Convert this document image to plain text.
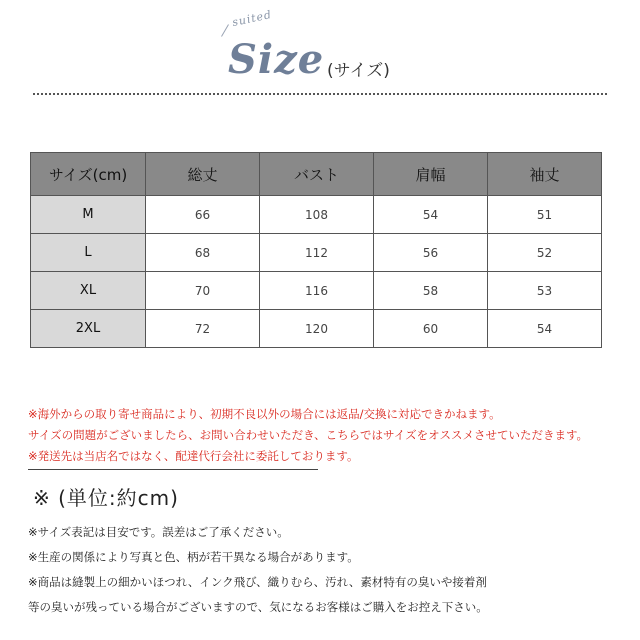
suited
Size (サイズ)
サイズ(cm)	総丈	バスト	肩幅	袖丈
M	66	108	54	51
L	68	112	56	52
XL	70	116	58	53
2XL	72	120	60	54
※海外からの取り寄せ商品により、初期不良以外の場合には返品/交換に対応できかねます。
サイズの問題がございましたら、お問い合わせいただき、こちらではサイズをオススメさせていただきます。
※発送先は当店名ではなく、配達代行会社に委託しております。
※ (単位:約cm)
※サイズ表記は目安です。誤差はご了承ください。
※生産の関係により写真と色、柄が若干異なる場合があります。
※商品は縫製上の細かいほつれ、インク飛び、織りむら、汚れ、素材特有の臭いや接着剤
等の臭いが残っている場合がございますので、気になるお客様はご購入をお控え下さい。
